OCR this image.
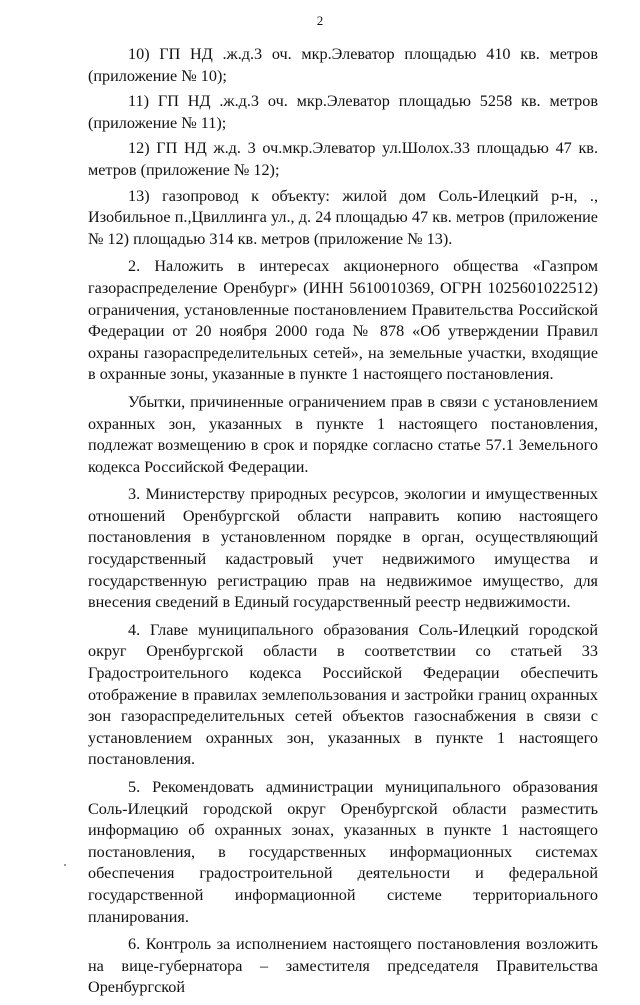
2

10) ГП НД .ж.д.3 оч. мкр.Элеватор площадью 410 кв. метров (приложение № 10);

11) ГП НД .ж.д.3 оч. мкр.Элеватор площадью 5258 кв. метров (приложение № 11);

12) ГП НД ж.д. 3 оч.мкр.Элеватор ул.Шолох.33 площадью 47 кв. метров (приложение № 12);

13) газопровод к объекту: жилой дом Соль-Илецкий р-н, ., Изобильное п.,Цвиллинга ул., д. 24 площадью 47 кв. метров (приложение № 12) площадью 314 кв. метров (приложение № 13).

2. Наложить в интересах акционерного общества «Газпром газораспределение Оренбург» (ИНН 5610010369, ОГРН 1025601022512) ограничения, установленные постановлением Правительства Российской Федерации от 20 ноября 2000 года № 878 «Об утверждении Правил охраны газораспределительных сетей», на земельные участки, входящие в охранные зоны, указанные в пункте 1 настоящего постановления.

Убытки, причиненные ограничением прав в связи с установлением охранных зон, указанных в пункте 1 настоящего постановления, подлежат возмещению в срок и порядке согласно статье 57.1 Земельного кодекса Российской Федерации.

3. Министерству природных ресурсов, экологии и имущественных отношений Оренбургской области направить копию настоящего постановления в установленном порядке в орган, осуществляющий государственный кадастровый учет недвижимого имущества и государственную регистрацию прав на недвижимое имущество, для внесения сведений в Единый государственный реестр недвижимости.

4. Главе муниципального образования Соль-Илецкий городской округ Оренбургской области в соответствии со статьей 33 Градостроительного кодекса Российской Федерации обеспечить отображение в правилах землепользования и застройки границ охранных зон газораспределительных сетей объектов газоснабжения в связи с установлением охранных зон, указанных в пункте 1 настоящего постановления.

5. Рекомендовать администрации муниципального образования Соль-Илецкий городской округ Оренбургской области разместить информацию об охранных зонах, указанных в пункте 1 настоящего постановления, в государственных информационных системах обеспечения градостроительной деятельности и федеральной государственной информационной системе территориального планирования.

6. Контроль за исполнением настоящего постановления возложить на вице-губернатора – заместителя председателя Правительства Оренбургской
